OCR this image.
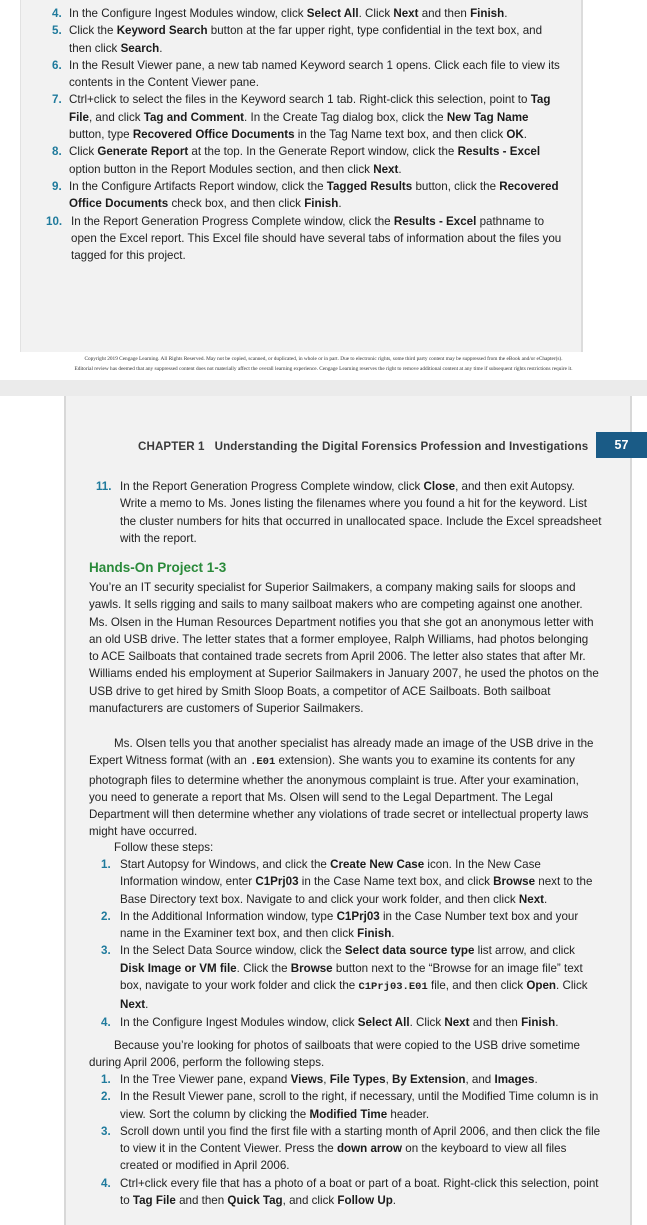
4. In the Configure Ingest Modules window, click Select All. Click Next and then Finish.
5. Click the Keyword Search button at the far upper right, type confidential in the text box, and then click Search.
6. In the Result Viewer pane, a new tab named Keyword search 1 opens. Click each file to view its contents in the Content Viewer pane.
7. Ctrl+click to select the files in the Keyword search 1 tab. Right-click this selection, point to Tag File, and click Tag and Comment. In the Create Tag dialog box, click the New Tag Name button, type Recovered Office Documents in the Tag Name text box, and then click OK.
8. Click Generate Report at the top. In the Generate Report window, click the Results - Excel option button in the Report Modules section, and then click Next.
9. In the Configure Artifacts Report window, click the Tagged Results button, click the Recovered Office Documents check box, and then click Finish.
10. In the Report Generation Progress Complete window, click the Results - Excel pathname to open the Excel report. This Excel file should have several tabs of information about the files you tagged for this project.
Copyright 2019 Cengage Learning. All Rights Reserved. May not be copied, scanned, or duplicated, in whole or in part. Due to electronic rights, some third party content may be suppressed from the eBook and/or eChapter(s).
Editorial review has deemed that any suppressed content does not materially affect the overall learning experience. Cengage Learning reserves the right to remove additional content at any time if subsequent rights restrictions require it.
CHAPTER 1 Understanding the Digital Forensics Profession and Investigations	57
11. In the Report Generation Progress Complete window, click Close, and then exit Autopsy. Write a memo to Ms. Jones listing the filenames where you found a hit for the keyword. List the cluster numbers for hits that occurred in unallocated space. Include the Excel spreadsheet with the report.
Hands-On Project 1-3

You’re an IT security specialist for Superior Sailmakers, a company making sails for sloops and yawls. It sells rigging and sails to many sailboat makers who are competing against one another. Ms. Olsen in the Human Resources Department notifies you that she got an anonymous letter with an old USB drive. The letter states that a former employee, Ralph Williams, had photos belonging to ACE Sailboats that contained trade secrets from April 2006. The letter also states that after Mr. Williams ended his employment at Superior Sailmakers in January 2007, he used the photos on the USB drive to get hired by Smith Sloop Boats, a competitor of ACE Sailboats. Both sailboat manufacturers are customers of Superior Sailmakers.

Ms. Olsen tells you that another specialist has already made an image of the USB drive in the Expert Witness format (with an .E01 extension). She wants you to examine its contents for any photograph files to determine whether the anonymous complaint is true. After your examination, you need to generate a report that Ms. Olsen will send to the Legal Department. The Legal Department will then determine whether any violations of trade secret or intellectual property laws might have occurred.

Follow these steps:

1. Start Autopsy for Windows, and click the Create New Case icon. In the New Case Information window, enter C1Prj03 in the Case Name text box, and click Browse next to the Base Directory text box. Navigate to and click your work folder, and then click Next.
2. In the Additional Information window, type C1Prj03 in the Case Number text box and your name in the Examiner text box, and then click Finish.
3. In the Select Data Source window, click the Select data source type list arrow, and click Disk Image or VM file. Click the Browse button next to the “Browse for an image file” text box, navigate to your work folder and click the C1Prj03.E01 file, and then click Open. Click Next.
4. In the Configure Ingest Modules window, click Select All. Click Next and then Finish.

Because you’re looking for photos of sailboats that were copied to the USB drive sometime during April 2006, perform the following steps.

1. In the Tree Viewer pane, expand Views, File Types, By Extension, and Images.
2. In the Result Viewer pane, scroll to the right, if necessary, until the Modified Time column is in view. Sort the column by clicking the Modified Time header.
3. Scroll down until you find the first file with a starting month of April 2006, and then click the file to view it in the Content Viewer. Press the down arrow on the keyboard to view all files created or modified in April 2006.
4. Ctrl+click every file that has a photo of a boat or part of a boat. Right-click this selection, point to Tag File and then Quick Tag, and click Follow Up.
